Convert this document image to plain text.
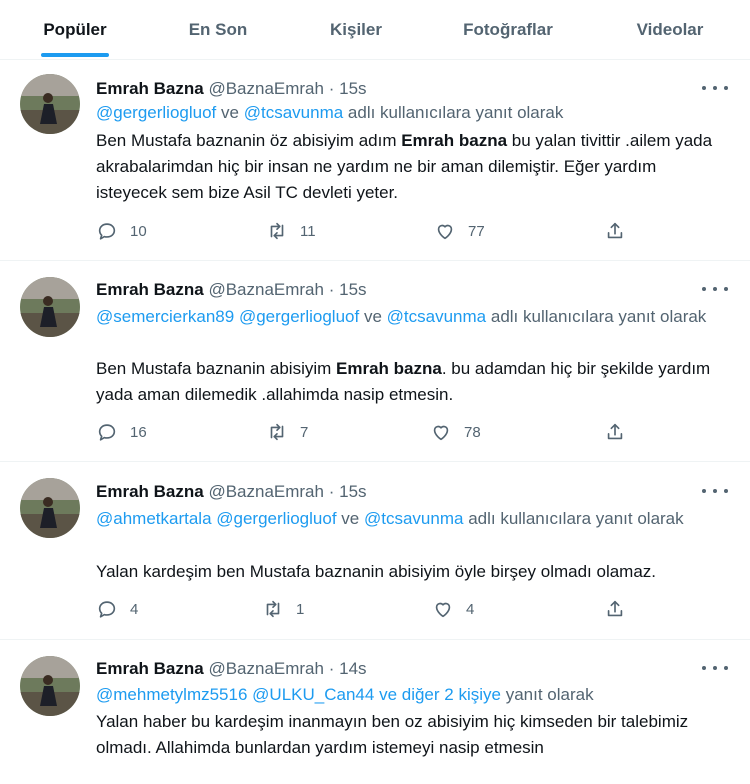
Popüler	En Son	Kişiler	Fotoğraflar	Videolar
Emrah Bazna @BaznaEmrah · 15s
@gergerliogluof ve @tcsavunma adlı kullanıcılara yanıt olarak
Ben Mustafa baznanin öz abisiyim adım Emrah bazna bu yalan tivittir .ailem yada akrabalarimdan hiç bir insan ne yardım ne bir aman dilemiştir. Eğer yardım isteyecek sem bize Asil TC devleti yeter.
10	11	77
Emrah Bazna @BaznaEmrah · 15s
@semercierkan89 @gergerliogluof ve @tcsavunma adlı kullanıcılara yanıt olarak
Ben Mustafa baznanin abisiyim Emrah bazna. bu adamdan hiç bir şekilde yardım yada aman dilemedik .allahimda nasip etmesin.
16	7	78
Emrah Bazna @BaznaEmrah · 15s
@ahmetkartala @gergerliogluof ve @tcsavunma adlı kullanıcılara yanıt olarak
Yalan kardeşim ben Mustafa baznanin abisiyim öyle birşey olmadı olamaz.
4	1	4
Emrah Bazna @BaznaEmrah · 14s
@mehmetylmz5516 @ULKU_Can44 ve diğer 2 kişiye yanıt olarak
Yalan haber bu kardeşim inanmayın ben oz abisiyim hiç kimseden bir talebimiz olmadı. Allahimda bunlardan yardım istemeyi nasip etmesin
